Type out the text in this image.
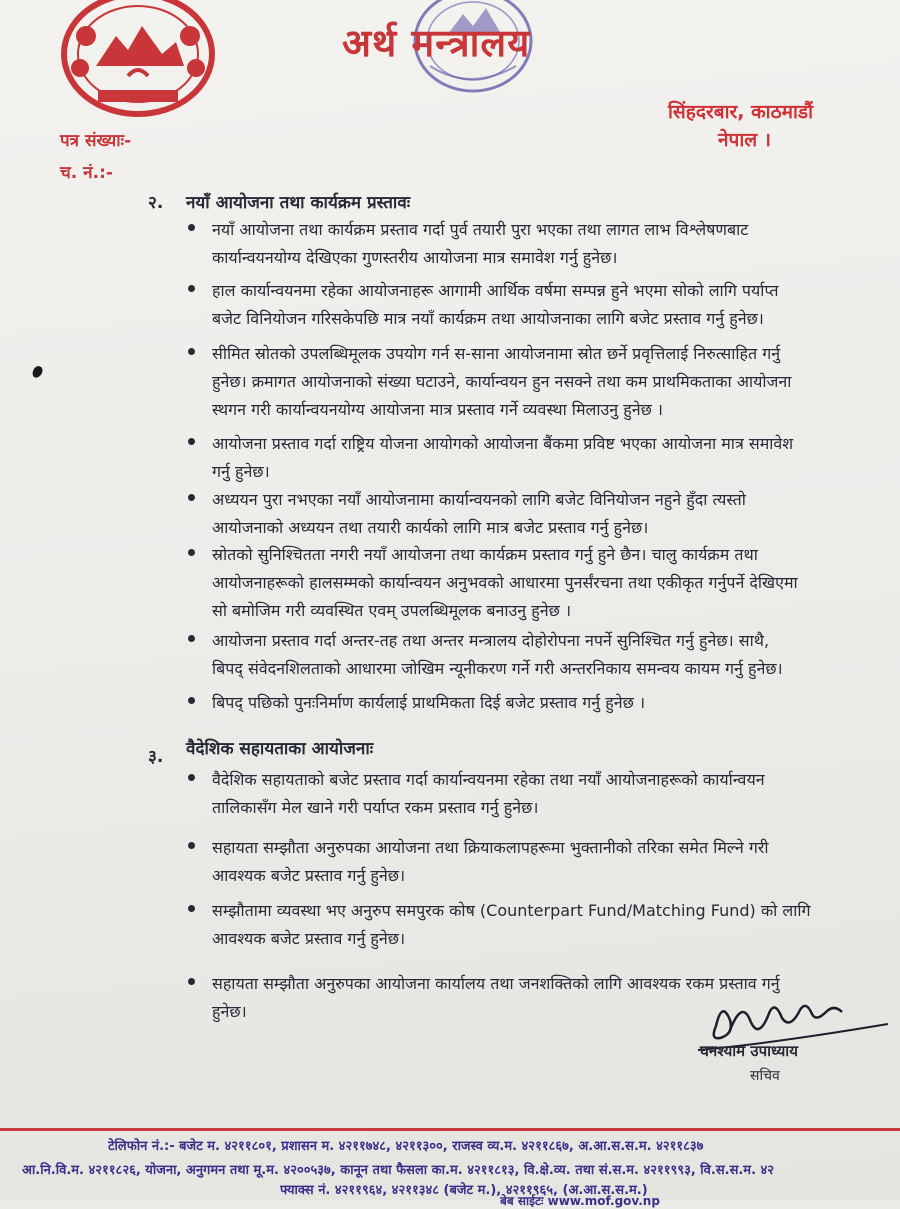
अर्थ मन्त्रालय
सिंहदरबार, काठमाडौं
नेपाल ।
पत्र संख्याः-
च. नं.:-
२. नयाँ आयोजना तथा कार्यक्रम प्रस्तावः
नयाँ आयोजना तथा कार्यक्रम प्रस्ताव गर्दा पुर्व तयारी पुरा भएका तथा लागत लाभ विश्लेषणबाट
कार्यान्वयनयोग्य देखिएका गुणस्तरीय आयोजना मात्र समावेश गर्नु हुनेछ।
हाल कार्यान्वयनमा रहेका आयोजनाहरू आगामी आर्थिक वर्षमा सम्पन्न हुने भएमा सोको लागि पर्याप्त
बजेट विनियोजन गरिसकेपछि मात्र नयाँ कार्यक्रम तथा आयोजनाका लागि बजेट प्रस्ताव गर्नु हुनेछ।
सीमित स्रोतको उपलब्धिमूलक उपयोग गर्न स-साना आयोजनामा स्रोत छर्ने प्रवृत्तिलाई निरुत्साहित गर्नु
हुनेछ। क्रमागत आयोजनाको संख्या घटाउने, कार्यान्वयन हुन नसक्ने तथा कम प्राथमिकताका आयोजना
स्थगन गरी कार्यान्वयनयोग्य आयोजना मात्र प्रस्ताव गर्ने व्यवस्था मिलाउनु हुनेछ ।
आयोजना प्रस्ताव गर्दा राष्ट्रिय योजना आयोगको आयोजना बैंकमा प्रविष्ट भएका आयोजना मात्र समावेश
गर्नु हुनेछ।
अध्ययन पुरा नभएका नयाँ आयोजनामा कार्यान्वयनको लागि बजेट विनियोजन नहुने हुँदा त्यस्तो
आयोजनाको अध्ययन तथा तयारी कार्यको लागि मात्र बजेट प्रस्ताव गर्नु हुनेछ।
स्रोतको सुनिश्चितता नगरी नयाँ आयोजना तथा कार्यक्रम प्रस्ताव गर्नु हुने छैन। चालु कार्यक्रम तथा
आयोजनाहरूको हालसम्मको कार्यान्वयन अनुभवको आधारमा पुनर्संरचना तथा एकीकृत गर्नुपर्ने देखिएमा
सो बमोजिम गरी व्यवस्थित एवम् उपलब्धिमूलक बनाउनु हुनेछ ।
आयोजना प्रस्ताव गर्दा अन्तर-तह तथा अन्तर मन्त्रालय दोहोरोपना नपर्ने सुनिश्चित गर्नु हुनेछ। साथै,
बिपद् संवेदनशिलताको आधारमा जोखिम न्यूनीकरण गर्ने गरी अन्तरनिकाय समन्वय कायम गर्नु हुनेछ।
बिपद् पछिको पुनःनिर्माण कार्यलाई प्राथमिकता दिई बजेट प्रस्ताव गर्नु हुनेछ ।
३. वैदेशिक सहायताका आयोजनाः
वैदेशिक सहायताको बजेट प्रस्ताव गर्दा कार्यान्वयनमा रहेका तथा नयाँ आयोजनाहरूको कार्यान्वयन
तालिकासँग मेल खाने गरी पर्याप्त रकम प्रस्ताव गर्नु हुनेछ।
सहायता सम्झौता अनुरुपका आयोजना तथा क्रियाकलापहरूमा भुक्तानीको तरिका समेत मिल्ने गरी
आवश्यक बजेट प्रस्ताव गर्नु हुनेछ।
सम्झौतामा व्यवस्था भए अनुरुप समपुरक कोष (Counterpart Fund/Matching Fund) को लागि
आवश्यक बजेट प्रस्ताव गर्नु हुनेछ।
सहायता सम्झौता अनुरुपका आयोजना कार्यालय तथा जनशक्तिको लागि आवश्यक रकम प्रस्ताव गर्नु
हुनेछ।
घनश्याम उपाध्याय
सचिव
टेलिफोन नं.:- बजेट म. ४२११८०१, प्रशासन म. ४२११७४८, ४२११३००, राजस्व व्य.म. ४२११८६७, अ.आ.स.स.म. ४२११८३७
आ.नि.वि.म. ४२११८२६, योजना, अनुगमन तथा मू.म. ४२००५३७, कानून तथा फैसला का.म. ४२११८१३, वि.क्षे.व्य. तथा सं.स.म. ४२११९९३, वि.स.स.म. ४२
फ्याक्स नं. ४२११९६४, ४२११३४८ (बजेट म.), ४२११९६५, (अ.आ.स.स.म.)
बेब साईटः www.mof.gov.np
